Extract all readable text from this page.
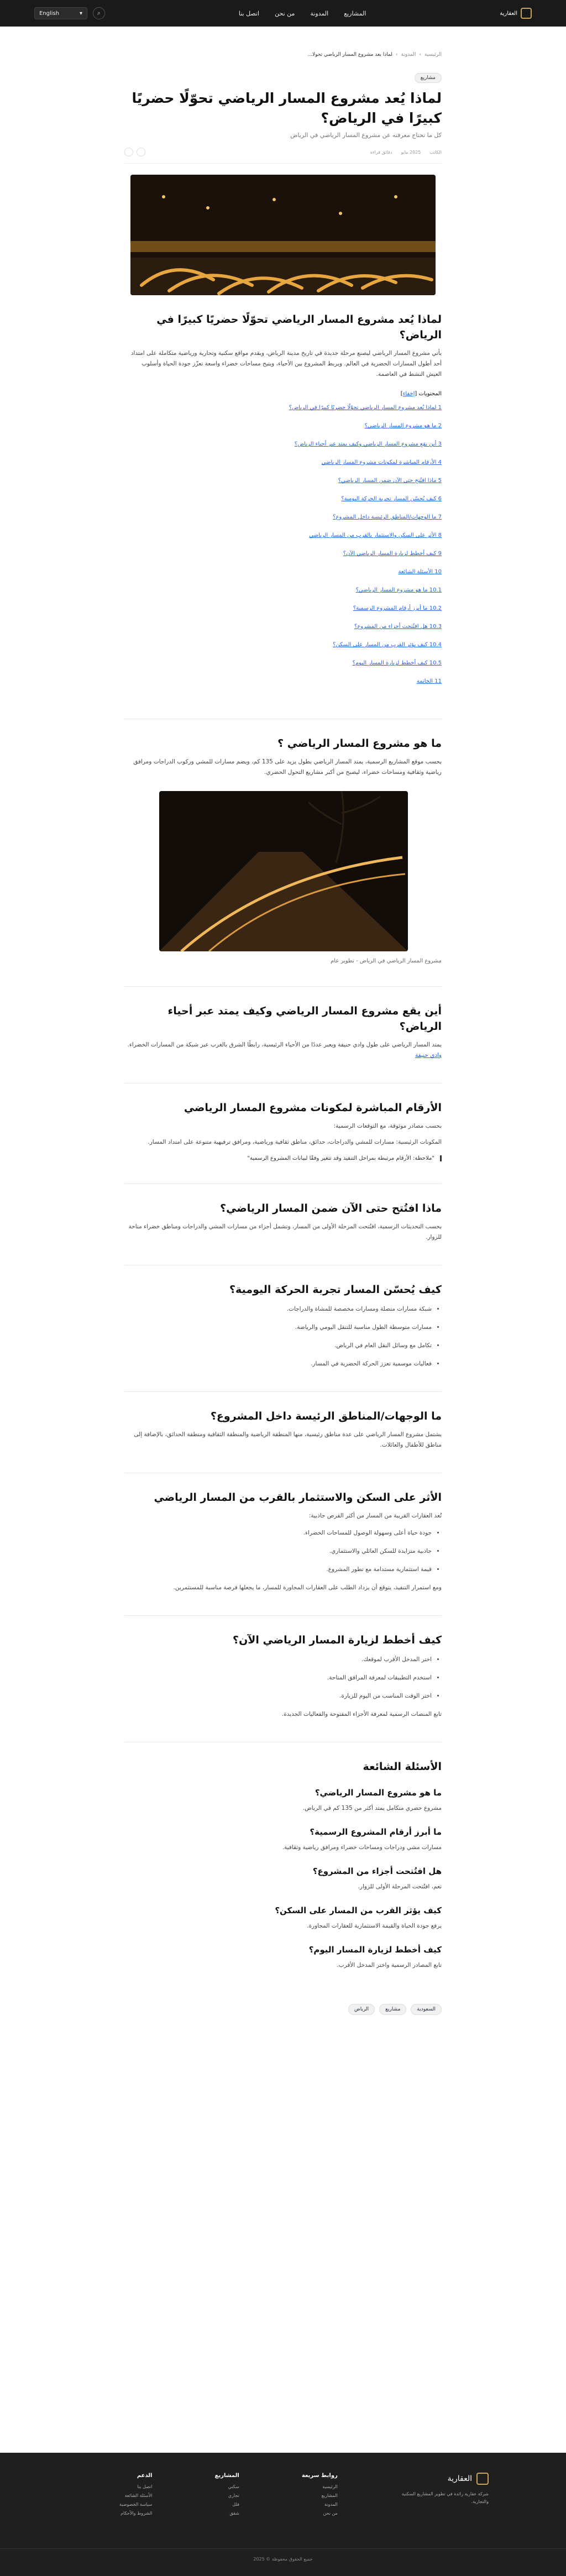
English	▾	⌕	المشاريع
المدونة
من نحن
اتصل بنا	العقارية
الرئيسية
›
المدونة
›
لماذا يعد مشروع المسار الرياضي تحولا...
مشاريع
لماذا يُعد مشروع المسار الرياضي تحوّلًا حضريًا كبيرًا في الرياض؟
كل ما تحتاج معرفته عن مشروع المسار الرياضي في الرياض
الكاتب
2025 مايو
دقائق قراءة
لماذا يُعد مشروع المسار الرياضي تحوّلًا حضريًا كبيرًا في الرياض؟

يأتي مشروع المسار الرياضي ليصنع مرحلة جديدة في تاريخ مدينة الرياض، ويقدم مواقع سكنية وتجارية ورياضية متكاملة على امتداد أحد أطول المسارات الحضرية في العالم. ويربط المشروع بين الأحياء، ويتيح مساحات خضراء واسعة تعزّز جودة الحياة وأسلوب العيش النشط في العاصمة.

المحتويات [إخفاء]
1 لماذا يُعد مشروع المسار الرياضي تحوّلًا حضريًا كبيرًا في الرياض؟
2 ما هو مشروع المسار الرياضي؟
3 أين يقع مشروع المسار الرياضي وكيف يمتد عبر أحياء الرياض؟
4 الأرقام المباشرة لمكونات مشروع المسار الرياضي
5 ماذا افتُتح حتى الآن ضمن المسار الرياضي؟
6 كيف يُحسّن المسار تجربة الحركة اليومية؟
7 ما الوجهات/المناطق الرئيسة داخل المشروع؟
8 الأثر على السكن والاستثمار بالقرب من المسار الرياضي
9 كيف أخطط لزيارة المسار الرياضي الآن؟
10 الأسئلة الشائعة
10.1 ما هو مشروع المسار الرياضي؟
10.2 ما أبرز أرقام المشروع الرسمية؟
10.3 هل افتُتحت أجزاء من المشروع؟
10.4 كيف يؤثر القرب من المسار على السكن؟
10.5 كيف أخطط لزيارة المسار اليوم؟
11 الخاتمة
ما هو مشروع المسار الرياضي ؟

بحسب موقع المشاريع الرسمية، يمتد المسار الرياضي بطول يزيد على 135 كم، ويضم مسارات للمشي وركوب الدراجات ومرافق رياضية وثقافية ومساحات خضراء، ليصبح من أكبر مشاريع التحول الحضري.

مشروع المسار الرياضي في الرياض - تطوير عام
أين يقع مشروع المسار الرياضي وكيف يمتد عبر أحياء الرياض؟

يمتد المسار الرياضي على طول وادي حنيفة ويعبر عددًا من الأحياء الرئيسية، رابطًا الشرق بالغرب عبر شبكة من المسارات الخضراء. وادي حنيفة

الأرقام المباشرة لمكونات مشروع المسار الرياضي

بحسب مصادر موثوقة، مع التوقعات الرسمية:

المكونات الرئيسية: مسارات للمشي والدراجات، حدائق، مناطق ثقافية ورياضية، ومرافق ترفيهية متنوعة على امتداد المسار.

"ملاحظة: الأرقام مرتبطة بمراحل التنفيذ وقد تتغير وفقًا لبيانات المشروع الرسمية"
ماذا افتُتح حتى الآن ضمن المسار الرياضي؟

بحسب التحديثات الرسمية، افتُتحت المرحلة الأولى من المسار، وتشمل أجزاء من مسارات المشي والدراجات ومناطق خضراء متاحة للزوار.

كيف يُحسّن المسار تجربة الحركة اليومية؟
• شبكة مسارات متصلة ومسارات مخصصة للمشاة والدراجات.
• مسارات متوسطة الطول مناسبة للتنقل اليومي والرياضة.
• تكامل مع وسائل النقل العام في الرياض.
• فعاليات موسمية تعزز الحركة الحضرية في المسار.
ما الوجهات/المناطق الرئيسة داخل المشروع؟

يشتمل مشروع المسار الرياضي على عدة مناطق رئيسية، منها المنطقة الرياضية والمنطقة الثقافية ومنطقة الحدائق، بالإضافة إلى مناطق للأطفال والعائلات.

الأثر على السكن والاستثمار بالقرب من المسار الرياضي

تُعد العقارات القريبة من المسار من أكثر الفرص جاذبية:

• جودة حياة أعلى وسهولة الوصول للمساحات الخضراء.
• جاذبية متزايدة للسكن العائلي والاستثماري.
• قيمة استثمارية مستدامة مع تطور المشروع.

ومع استمرار التنفيذ، يتوقع أن يزداد الطلب على العقارات المجاورة للمسار، ما يجعلها فرصة مناسبة للمستثمرين.

كيف أخطط لزيارة المسار الرياضي الآن؟
• اختر المدخل الأقرب لموقعك.
• استخدم التطبيقات لمعرفة المرافق المتاحة.
• اختر الوقت المناسب من اليوم للزيارة.

تابع المنصات الرسمية لمعرفة الأجزاء المفتوحة والفعاليات الجديدة.

الأسئلة الشائعة
ما هو مشروع المسار الرياضي؟

مشروع حضري متكامل يمتد أكثر من 135 كم في الرياض.

ما أبرز أرقام المشروع الرسمية؟

مسارات مشي ودراجات ومساحات خضراء ومرافق رياضية وثقافية.

هل افتُتحت أجزاء من المشروع؟

نعم، افتُتحت المرحلة الأولى للزوار.

كيف يؤثر القرب من المسار على السكن؟

يرفع جودة الحياة والقيمة الاستثمارية للعقارات المجاورة.

كيف أخطط لزيارة المسار اليوم؟

تابع المصادر الرسمية واختر المدخل الأقرب.

السعودية
مشاريع
الرياض
العقارية

شركة عقارية رائدة في تطوير المشاريع السكنية والتجارية.

روابط سريعة
الرئيسية
المشاريع
المدونة
من نحن
المشاريع
سكني
تجاري
فلل
شقق
الدعم
اتصل بنا
الأسئلة الشائعة
سياسة الخصوصية
الشروط والأحكام
جميع الحقوق محفوظة © 2025
